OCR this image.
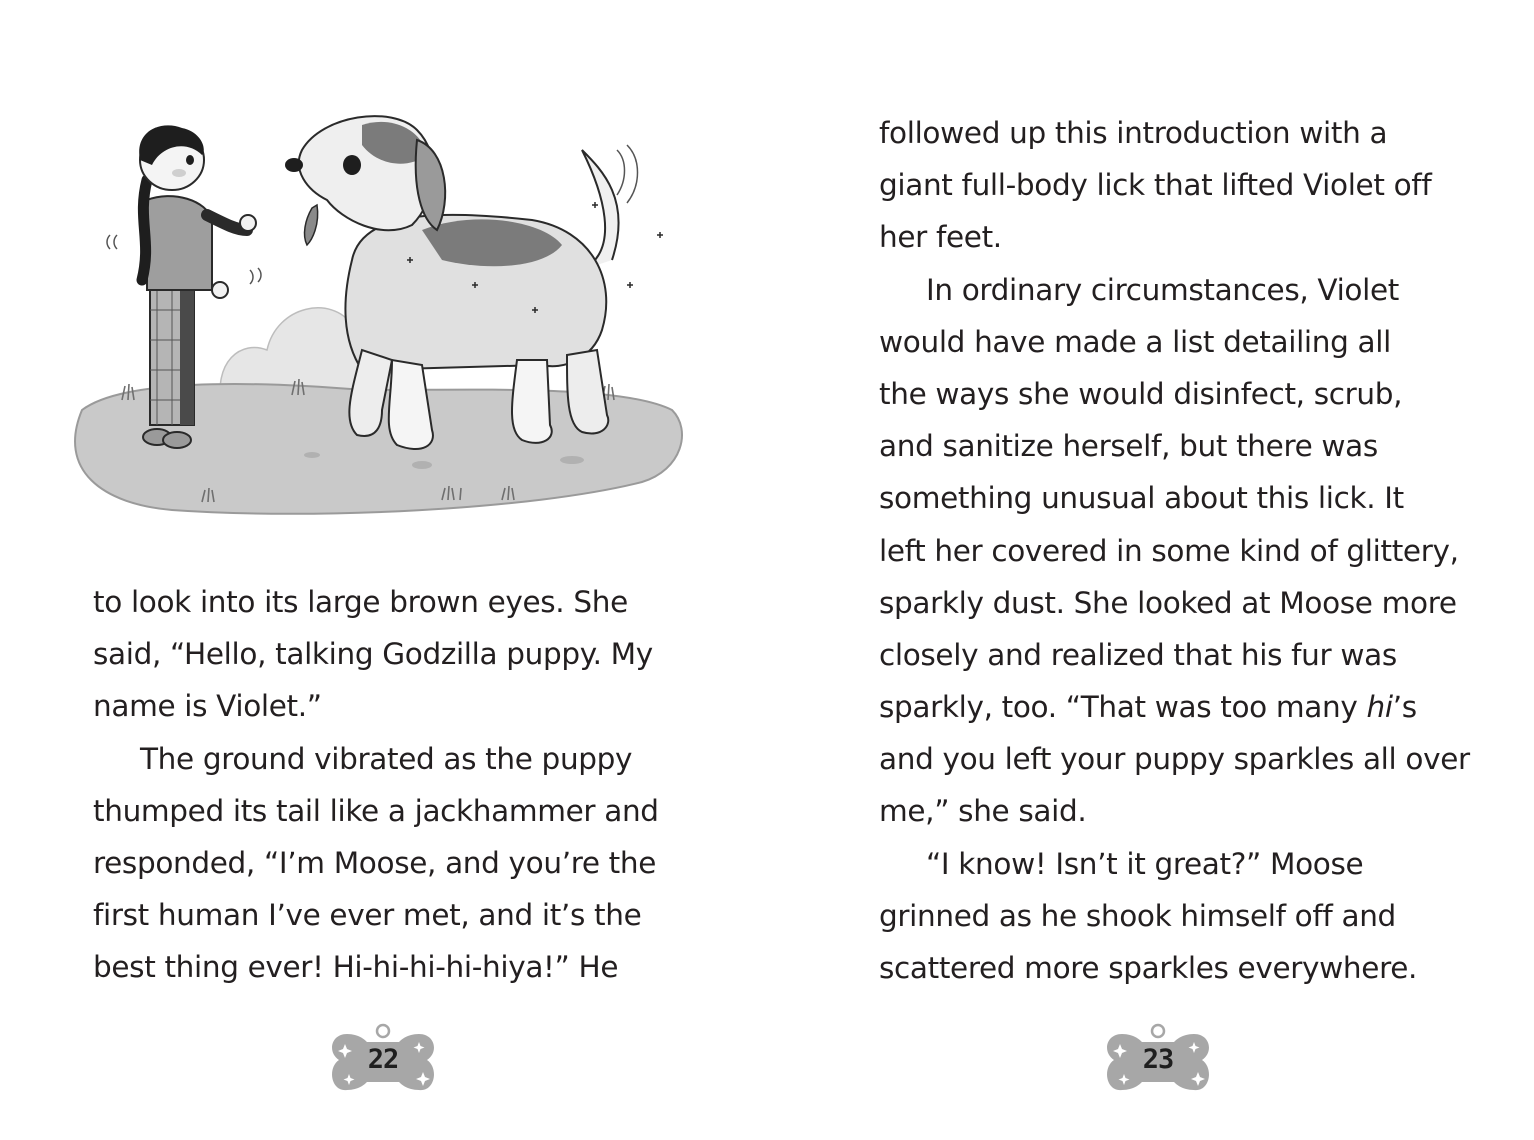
to look into its large brown eyes. She
said, “Hello, talking Godzilla puppy. My
name is Violet.”
The ground vibrated as the puppy
thumped its tail like a jackhammer and
responded, “I’m Moose, and you’re the
first human I’ve ever met, and it’s the
best thing ever! Hi-hi-hi-hi-hiya!” He
22
followed up this introduction with a
giant full-body lick that lifted Violet off
her feet.
In ordinary circumstances, Violet
would have made a list detailing all
the ways she would disinfect, scrub,
and sanitize herself, but there was
something unusual about this lick. It
left her covered in some kind of glittery,
sparkly dust. She looked at Moose more
closely and realized that his fur was
sparkly, too. “That was too many hi’s
and you left your puppy sparkles all over
me,” she said.
“I know! Isn’t it great?” Moose
grinned as he shook himself off and
scattered more sparkles everywhere.
23
